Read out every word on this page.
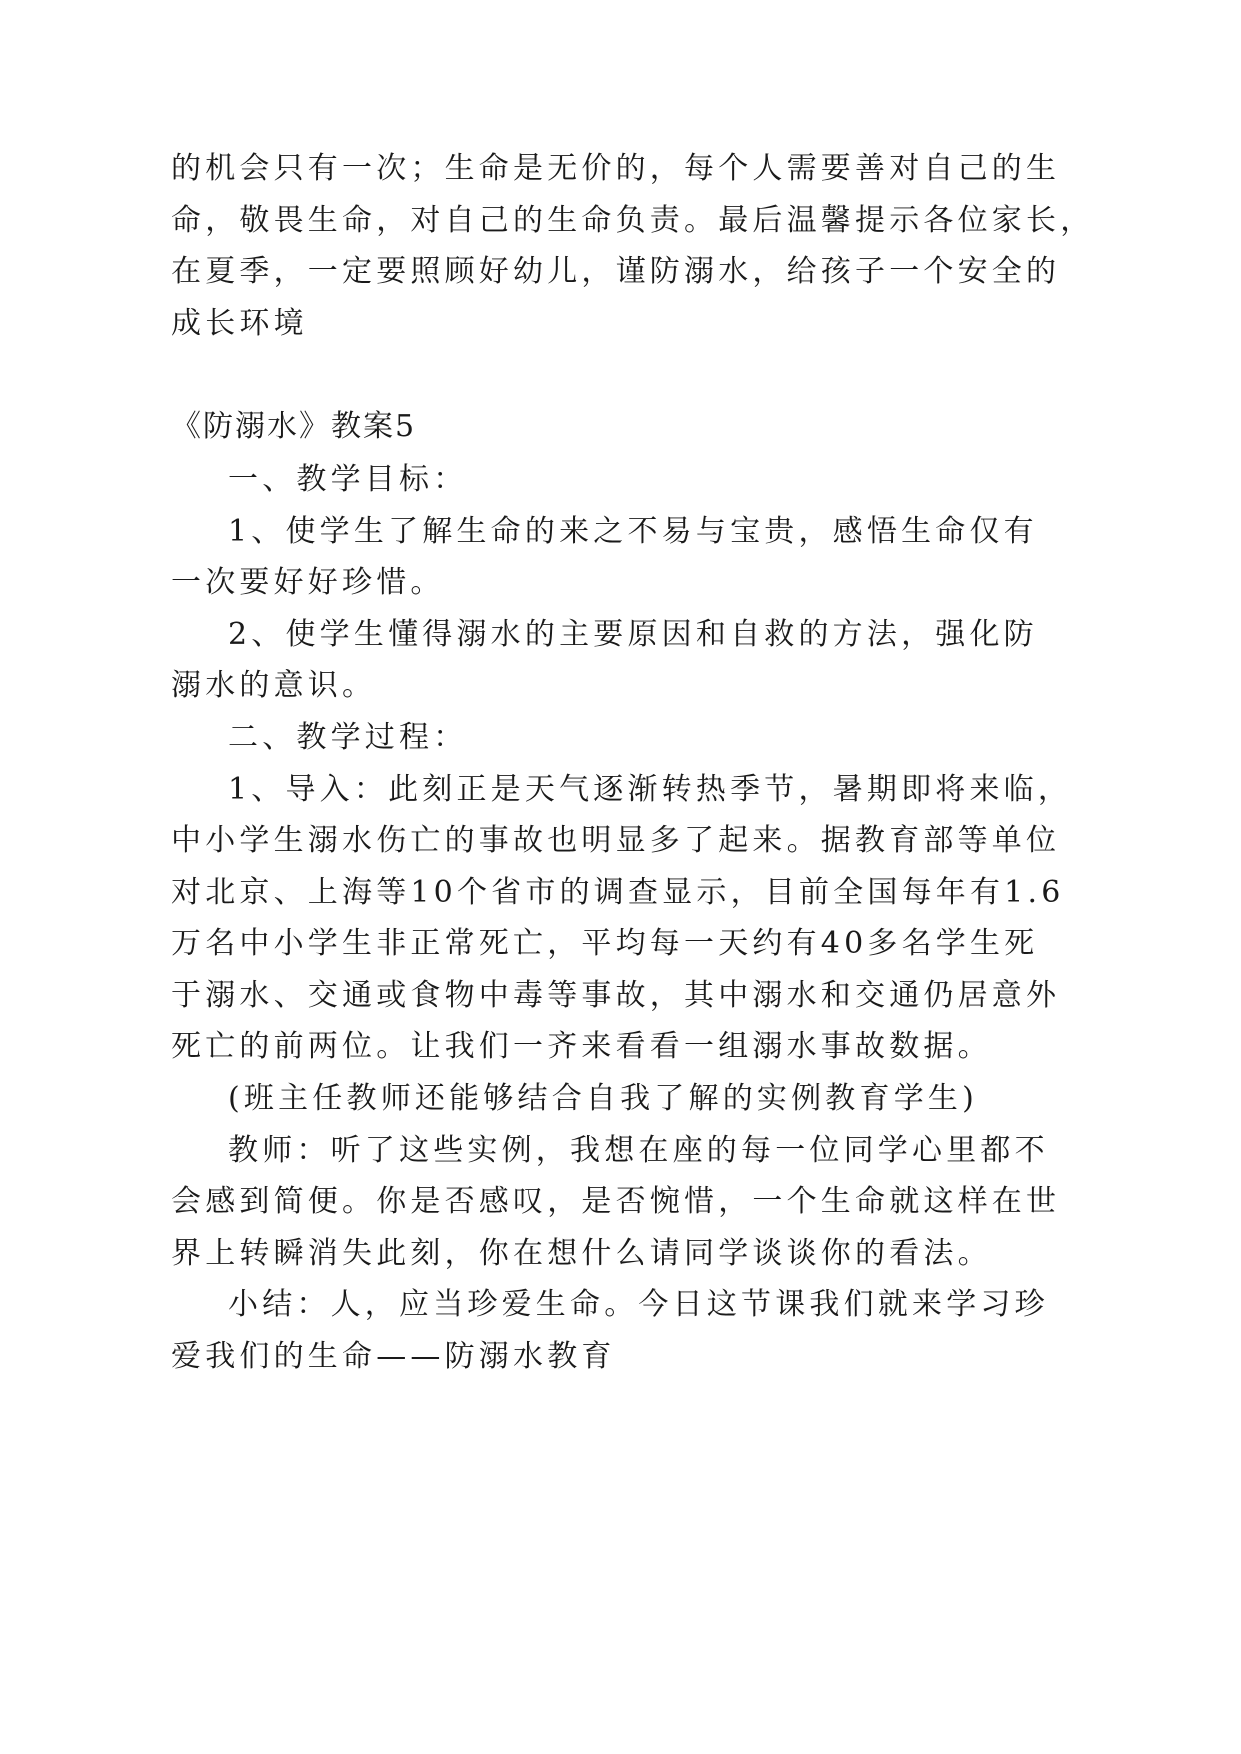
的机会只有一次；生命是无价的，每个人需要善对自己的生
命，敬畏生命，对自己的生命负责。最后温馨提示各位家长，
在夏季，一定要照顾好幼儿，谨防溺水，给孩子一个安全的
成长环境
《防溺水》教案5
一、教学目标：
1、使学生了解生命的来之不易与宝贵，感悟生命仅有
一次要好好珍惜。
2、使学生懂得溺水的主要原因和自救的方法，强化防
溺水的意识。
二、教学过程：
1、导入：此刻正是天气逐渐转热季节，暑期即将来临，
中小学生溺水伤亡的事故也明显多了起来。据教育部等单位
对北京、上海等10个省市的调查显示，目前全国每年有1.6
万名中小学生非正常死亡，平均每一天约有40多名学生死
于溺水、交通或食物中毒等事故，其中溺水和交通仍居意外
死亡的前两位。让我们一齐来看看一组溺水事故数据。
(班主任教师还能够结合自我了解的实例教育学生)
教师：听了这些实例，我想在座的每一位同学心里都不
会感到简便。你是否感叹，是否惋惜，一个生命就这样在世
界上转瞬消失此刻，你在想什么请同学谈谈你的看法。
小结：人，应当珍爱生命。今日这节课我们就来学习珍
爱我们的生命——防溺水教育
